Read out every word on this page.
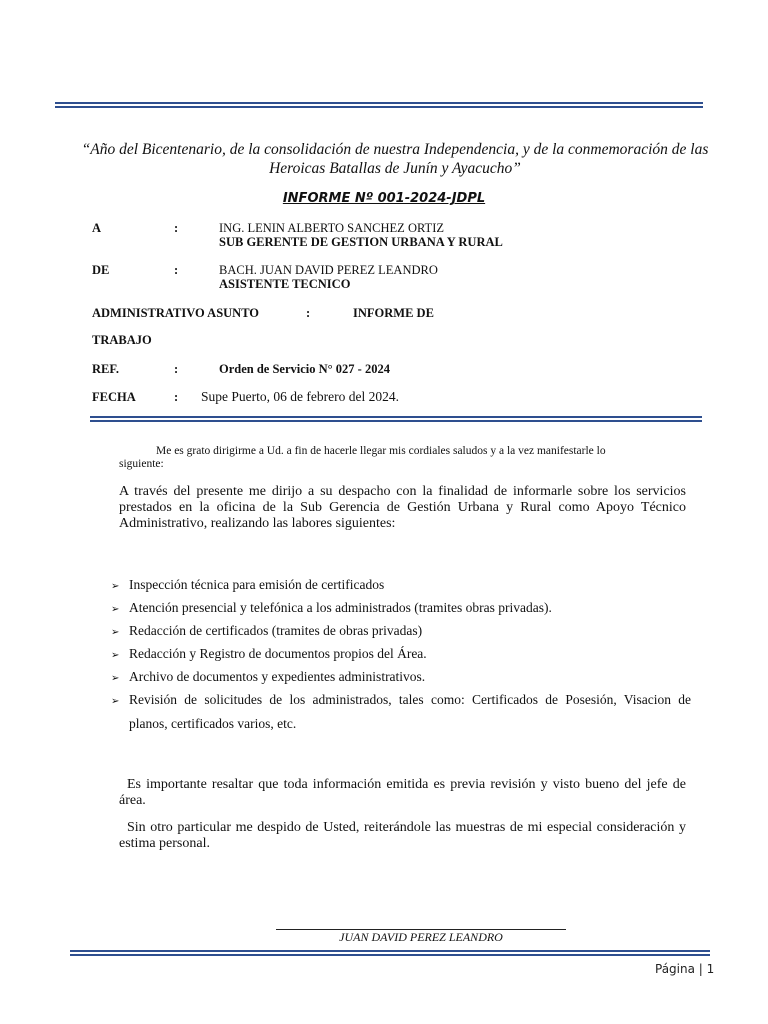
“Año del Bicentenario, de la consolidación de nuestra Independencia, y de la conmemoración de las Heroicas Batallas de Junín y Ayacucho”
INFORME Nº 001-2024-JDPL
A	:	ING. LENIN ALBERTO SANCHEZ ORTIZ
SUB GERENTE DE GESTION URBANA Y RURAL
DE	:	BACH. JUAN DAVID PEREZ LEANDRO
ASISTENTE TECNICO
ADMINISTRATIVO ASUNTO	:	INFORME DE
TRABAJO
REF.	:	Orden de Servicio N° 027 - 2024
FECHA	: Supe Puerto, 06 de febrero del 2024.
Me es grato dirigirme a Ud. a fin de hacerle llegar mis cordiales saludos y a la vez manifestarle lo
siguiente:
A través del presente me dirijo a su despacho con la finalidad de informarle sobre los servicios prestados en la oficina de la Sub Gerencia de Gestión Urbana y Rural como Apoyo Técnico Administrativo, realizando las labores siguientes:
➢ Inspección técnica para emisión de certificados
➢ Atención presencial y telefónica a los administrados (tramites obras privadas).
➢ Redacción de certificados (tramites de obras privadas)
➢ Redacción y Registro de documentos propios del Área.
➢ Archivo de documentos y expedientes administrativos.
➢ Revisión de solicitudes de los administrados, tales como: Certificados de Posesión, Visacion de
planos, certificados varios, etc.
Es importante resaltar que toda información emitida es previa revisión y visto bueno del jefe de área.
Sin otro particular me despido de Usted, reiterándole las muestras de mi especial consideración y estima personal.
JUAN DAVID PEREZ LEANDRO
Página | 1
